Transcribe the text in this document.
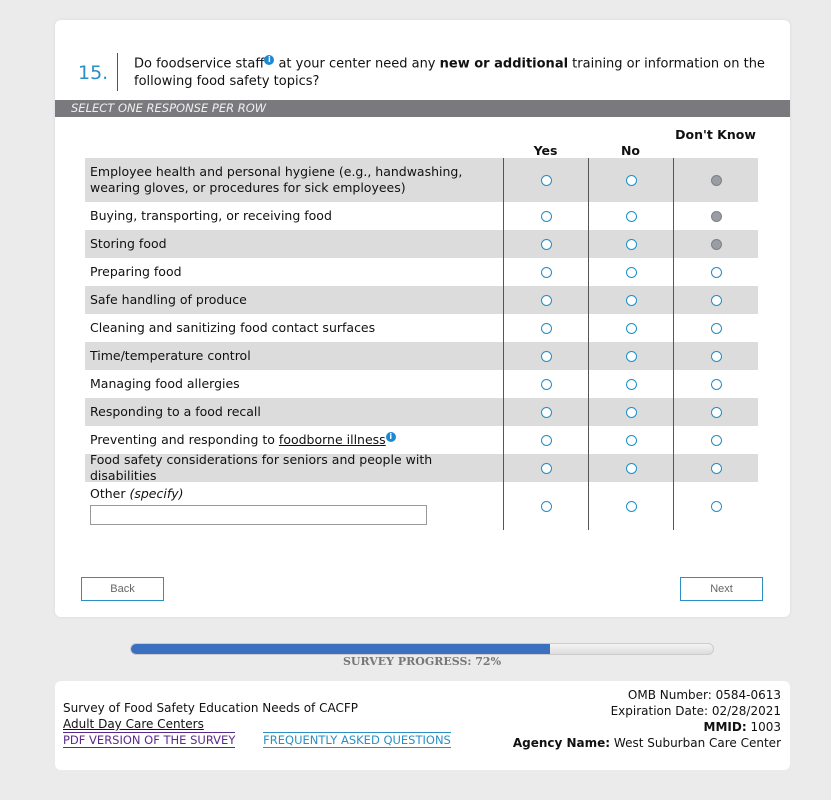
15. Do foodservice staff i at your center need any new or additional training or information on the following food safety topics?
SELECT ONE RESPONSE PER ROW
Yes	No
Don't Know
Employee health and personal hygiene (e.g., handwashing, wearing gloves, or procedures for sick employees)
Buying, transporting, or receiving food
Storing food
Preparing food
Safe handling of produce
Cleaning and sanitizing food contact surfaces
Time/temperature control
Managing food allergies
Responding to a food recall
Preventing and responding to foodborne illness i
Food safety considerations for seniors and people with disabilities
Other (specify)
Back	Next
SURVEY PROGRESS: 72%
Survey of Food Safety Education Needs of CACFP
Adult Day Care Centers
PDF VERSION OF THE SURVEY FREQUENTLY ASKED QUESTIONS
OMB Number: 0584-0613
Expiration Date: 02/28/2021
MMID: 1003
Agency Name: West Suburban Care Center
